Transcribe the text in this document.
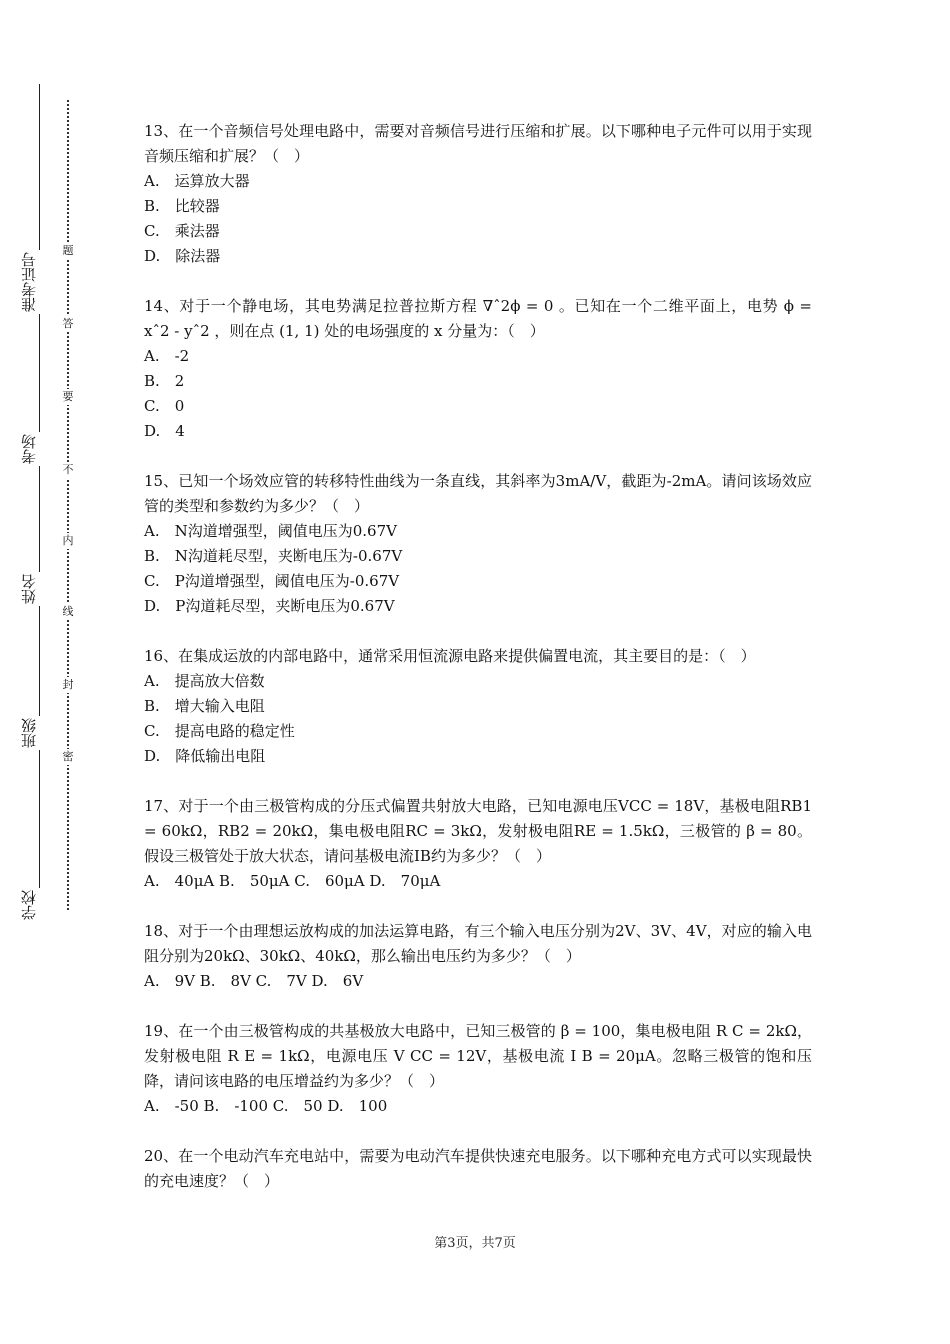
准考证号
考场
姓名
班级
学校
题
答
要
不
内
线
封
密

13、在一个音频信号处理电路中，需要对音频信号进行压缩和扩展。以下哪种电子元件可以用于实现音频压缩和扩展？（　）

A.　运算放大器

B.　比较器

C.　乘法器

D.　除法器

14、对于一个静电场，其电势满足拉普拉斯方程 ∇ˆ2ϕ = 0 。已知在一个二维平面上，电势 ϕ = xˆ2 - yˆ2 ，则在点 (1, 1) 处的电场强度的 x 分量为：（　）

A.　-2

B.　2

C.　0

D.　4

15、已知一个场效应管的转移特性曲线为一条直线，其斜率为3mA/V，截距为-2mA。请问该场效应管的类型和参数约为多少？（　）

A.　N沟道增强型，阈值电压为0.67V

B.　N沟道耗尽型，夹断电压为-0.67V

C.　P沟道增强型，阈值电压为-0.67V

D.　P沟道耗尽型，夹断电压为0.67V

16、在集成运放的内部电路中，通常采用恒流源电路来提供偏置电流，其主要目的是：（　）

A.　提高放大倍数

B.　增大输入电阻

C.　提高电路的稳定性

D.　降低输出电阻

17、对于一个由三极管构成的分压式偏置共射放大电路，已知电源电压VCC = 18V，基极电阻RB1 = 60kΩ，RB2 = 20kΩ，集电极电阻RC = 3kΩ，发射极电阻RE = 1.5kΩ，三极管的 β = 80。假设三极管处于放大状态，请问基极电流IB约为多少？（　）

A.　40μA B.　50μA C.　60μA D.　70μA

18、对于一个由理想运放构成的加法运算电路，有三个输入电压分别为2V、3V、4V，对应的输入电阻分别为20kΩ、30kΩ、40kΩ，那么输出电压约为多少？（　）

A.　9V B.　8V C.　7V D.　6V

19、在一个由三极管构成的共基极放大电路中，已知三极管的 β = 100，集电极电阻 R C = 2kΩ，发射极电阻 R E = 1kΩ，电源电压 V CC = 12V，基极电流 I B = 20μA。忽略三极管的饱和压降，请问该电路的电压增益约为多少？（　）

A.　-50 B.　-100 C.　50 D.　100

20、在一个电动汽车充电站中，需要为电动汽车提供快速充电服务。以下哪种充电方式可以实现最快的充电速度？（　）

第3页，共7页
